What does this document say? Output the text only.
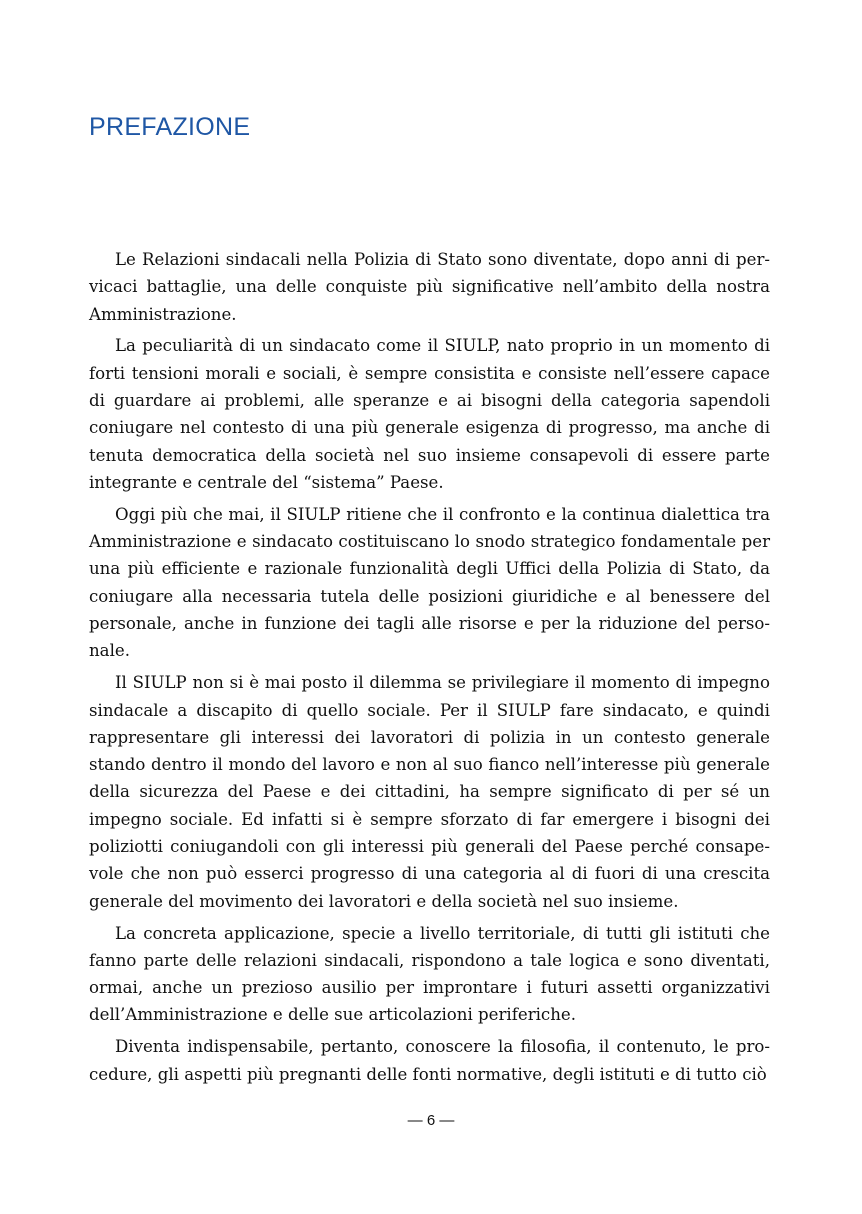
PREFAZIONE

Le Relazioni sindacali nella Polizia di Stato sono diventate, dopo anni di pervicaci battaglie, una delle conquiste più significative nell’ambito della nostra Amministrazione.

La peculiarità di un sindacato come il SIULP, nato proprio in un momento di forti tensioni morali e sociali, è sempre consistita e consiste nell’essere capace di guardare ai problemi, alle speranze e ai bisogni della categoria sapendoli coniugare nel contesto di una più generale esigenza di progresso, ma anche di tenuta democratica della società nel suo insieme consapevoli di essere parte integrante e centrale del “sistema” Paese.

Oggi più che mai, il SIULP ritiene che il confronto e la continua dialettica tra Amministrazione e sindacato costituiscano lo snodo strategico fondamentale per una più efficiente e razionale funzionalità degli Uffici della Polizia di Stato, da coniugare alla necessaria tutela delle posizioni giuridiche e al benessere del personale, anche in funzione dei tagli alle risorse e per la riduzione del personale.

Il SIULP non si è mai posto il dilemma se privilegiare il momento di impegno sindacale a discapito di quello sociale. Per il SIULP fare sindacato, e quindi rappresentare gli interessi dei lavoratori di polizia in un contesto generale stando dentro il mondo del lavoro e non al suo fianco nell’interesse più generale della sicurezza del Paese e dei cittadini, ha sempre significato di per sé un impegno sociale. Ed infatti si è sempre sforzato di far emergere i bisogni dei poliziotti coniugandoli con gli interessi più generali del Paese perché consapevole che non può esserci progresso di una categoria al di fuori di una crescita generale del movimento dei lavoratori e della società nel suo insieme.

La concreta applicazione, specie a livello territoriale, di tutti gli istituti che fanno parte delle relazioni sindacali, rispondono a tale logica e sono diventati, ormai, anche un prezioso ausilio per improntare i futuri assetti organizzativi dell’Amministrazione e delle sue articolazioni periferiche.

Diventa indispensabile, pertanto, conoscere la filosofia, il contenuto, le procedure, gli aspetti più pregnanti delle fonti normative, degli istituti e di tutto ciò

— 6 —
